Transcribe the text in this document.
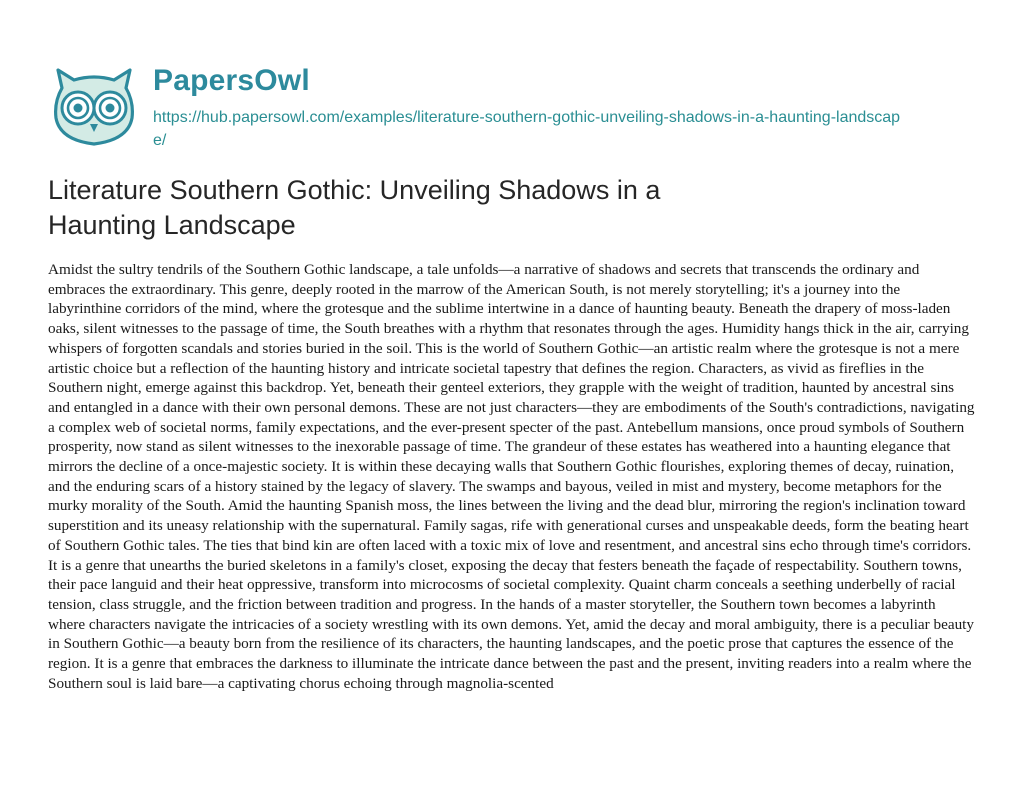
PapersOwl
https://hub.papersowl.com/examples/literature-southern-gothic-unveiling-shadows-in-a-haunting-landscape/
Literature Southern Gothic: Unveiling Shadows in a Haunting Landscape

Amidst the sultry tendrils of the Southern Gothic landscape, a tale unfolds—a narrative of shadows and secrets that transcends the ordinary and embraces the extraordinary. This genre, deeply rooted in the marrow of the American South, is not merely storytelling; it's a journey into the labyrinthine corridors of the mind, where the grotesque and the sublime intertwine in a dance of haunting beauty. Beneath the drapery of moss-laden oaks, silent witnesses to the passage of time, the South breathes with a rhythm that resonates through the ages. Humidity hangs thick in the air, carrying whispers of forgotten scandals and stories buried in the soil. This is the world of Southern Gothic—an artistic realm where the grotesque is not a mere artistic choice but a reflection of the haunting history and intricate societal tapestry that defines the region. Characters, as vivid as fireflies in the Southern night, emerge against this backdrop. Yet, beneath their genteel exteriors, they grapple with the weight of tradition, haunted by ancestral sins and entangled in a dance with their own personal demons. These are not just characters—they are embodiments of the South's contradictions, navigating a complex web of societal norms, family expectations, and the ever-present specter of the past. Antebellum mansions, once proud symbols of Southern prosperity, now stand as silent witnesses to the inexorable passage of time. The grandeur of these estates has weathered into a haunting elegance that mirrors the decline of a once-majestic society. It is within these decaying walls that Southern Gothic flourishes, exploring themes of decay, ruination, and the enduring scars of a history stained by the legacy of slavery. The swamps and bayous, veiled in mist and mystery, become metaphors for the murky morality of the South. Amid the haunting Spanish moss, the lines between the living and the dead blur, mirroring the region's inclination toward superstition and its uneasy relationship with the supernatural. Family sagas, rife with generational curses and unspeakable deeds, form the beating heart of Southern Gothic tales. The ties that bind kin are often laced with a toxic mix of love and resentment, and ancestral sins echo through time's corridors. It is a genre that unearths the buried skeletons in a family's closet, exposing the decay that festers beneath the façade of respectability. Southern towns, their pace languid and their heat oppressive, transform into microcosms of societal complexity. Quaint charm conceals a seething underbelly of racial tension, class struggle, and the friction between tradition and progress. In the hands of a master storyteller, the Southern town becomes a labyrinth where characters navigate the intricacies of a society wrestling with its own demons. Yet, amid the decay and moral ambiguity, there is a peculiar beauty in Southern Gothic—a beauty born from the resilience of its characters, the haunting landscapes, and the poetic prose that captures the essence of the region. It is a genre that embraces the darkness to illuminate the intricate dance between the past and the present, inviting readers into a realm where the Southern soul is laid bare—a captivating chorus echoing through magnolia-scented
